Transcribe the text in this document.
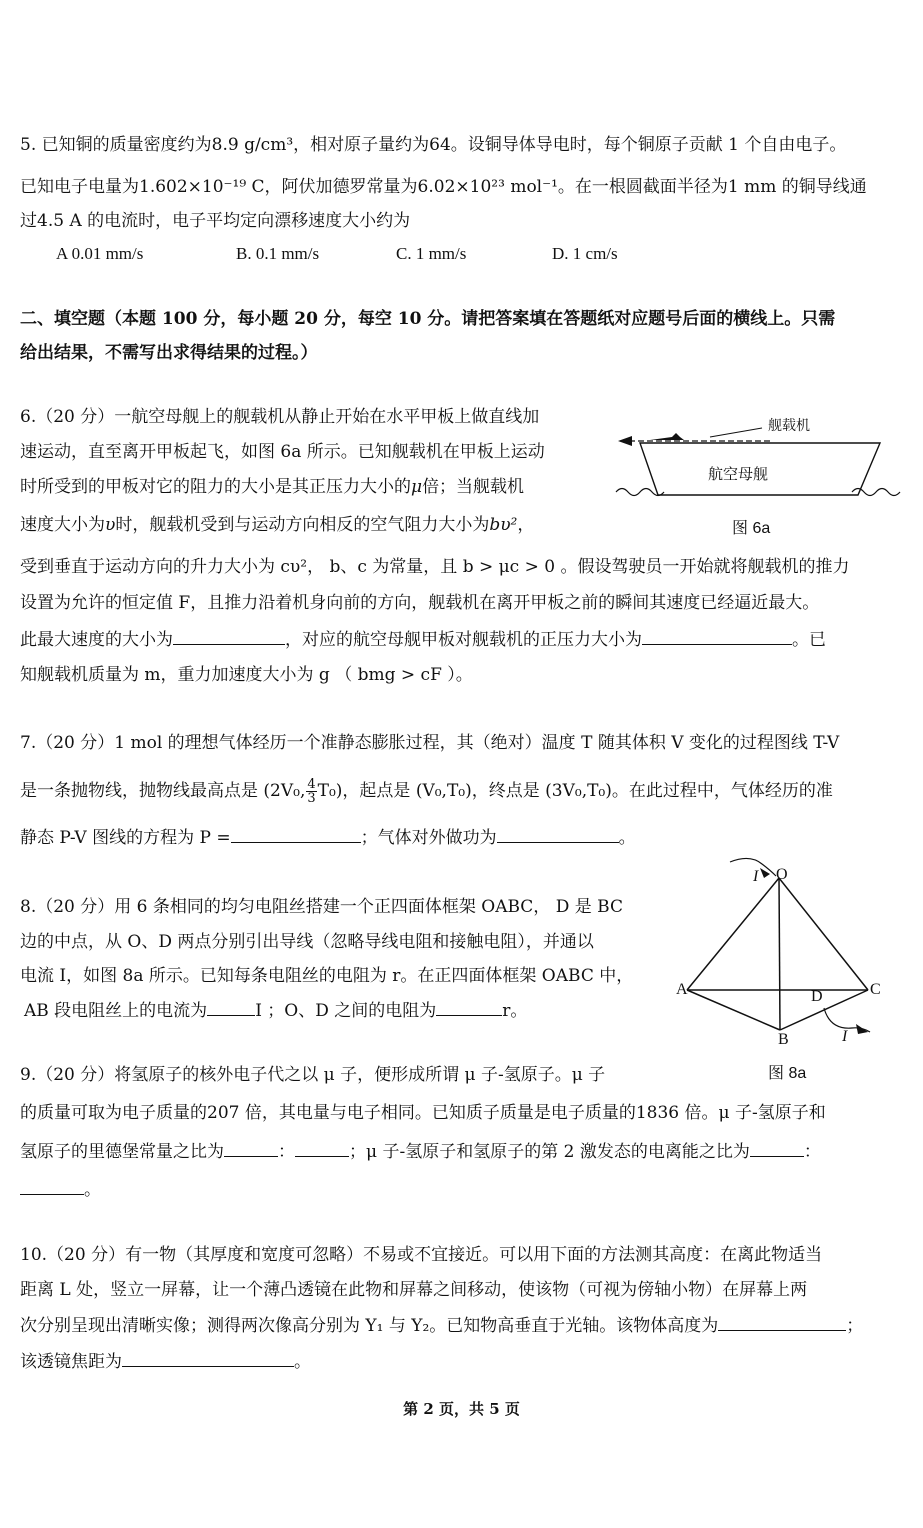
5. 已知铜的质量密度约为8.9 g/cm³，相对原子量约为64。设铜导体导电时，每个铜原子贡献 1 个自由电子。
已知电子电量为1.602×10⁻¹⁹ C，阿伏加德罗常量为6.02×10²³ mol⁻¹。在一根圆截面半径为1 mm 的铜导线通
过4.5 A 的电流时，电子平均定向漂移速度大小约为
A 0.01 mm/s	B. 0.1 mm/s	C. 1 mm/s	D. 1 cm/s
二、填空题（本题 100 分，每小题 20 分，每空 10 分。请把答案填在答题纸对应题号后面的横线上。只需
给出结果，不需写出求得结果的过程。）
6.（20 分）一航空母舰上的舰载机从静止开始在水平甲板上做直线加
速运动，直至离开甲板起飞，如图 6a 所示。已知舰载机在甲板上运动
时所受到的甲板对它的阻力的大小是其正压力大小的μ倍；当舰载机
速度大小为υ时，舰载机受到与运动方向相反的空气阻力大小为bυ²，
受到垂直于运动方向的升力大小为 cυ²， b、c 为常量，且 b > μc > 0 。假设驾驶员一开始就将舰载机的推力
设置为允许的恒定值 F，且推力沿着机身向前的方向，舰载机在离开甲板之前的瞬间其速度已经逼近最大。
此最大速度的大小为	，对应的航空母舰甲板对舰载机的正压力大小为	。已
知舰载机质量为 m，重力加速度大小为 g （ bmg > cF ）。
舰载机
航空母舰
图 6a
7.（20 分）1 mol 的理想气体经历一个准静态膨胀过程，其（绝对）温度 T 随其体积 V 变化的过程图线 T-V
是一条抛物线，抛物线最高点是 (2V₀, $\frac{4}{3} T_0$)，起点是 (V₀,T₀)，终点是 (3V₀,T₀)。在此过程中，气体经历的准
静态 P-V 图线的方程为 P =	；气体对外做功为	。
8.（20 分）用 6 条相同的均匀电阻丝搭建一个正四面体框架 OABC， D 是 BC
边的中点，从 O、D 两点分别引出导线（忽略导线电阻和接触电阻），并通以
电流 I，如图 8a 所示。已知每条电阻丝的电阻为 r。在正四面体框架 OABC 中，
AB 段电阻丝上的电流为	I ；O、D 之间的电阻为	r。
I O
A	C
D
B	I
图 8a
9.（20 分）将氢原子的核外电子代之以 μ 子，便形成所谓 μ 子-氢原子。μ 子
的质量可取为电子质量的207 倍，其电量与电子相同。已知质子质量是电子质量的1836 倍。μ 子-氢原子和
氢原子的里德堡常量之比为	：	；μ 子-氢原子和氢原子的第 2 激发态的电离能之比为	：
。
10.（20 分）有一物（其厚度和宽度可忽略）不易或不宜接近。可以用下面的方法测其高度：在离此物适当
距离 L 处，竖立一屏幕，让一个薄凸透镜在此物和屏幕之间移动，使该物（可视为傍轴小物）在屏幕上两
次分别呈现出清晰实像；测得两次像高分别为 Y₁ 与 Y₂。已知物高垂直于光轴。该物体高度为	；
该透镜焦距为	。
第 2 页，共 5 页
